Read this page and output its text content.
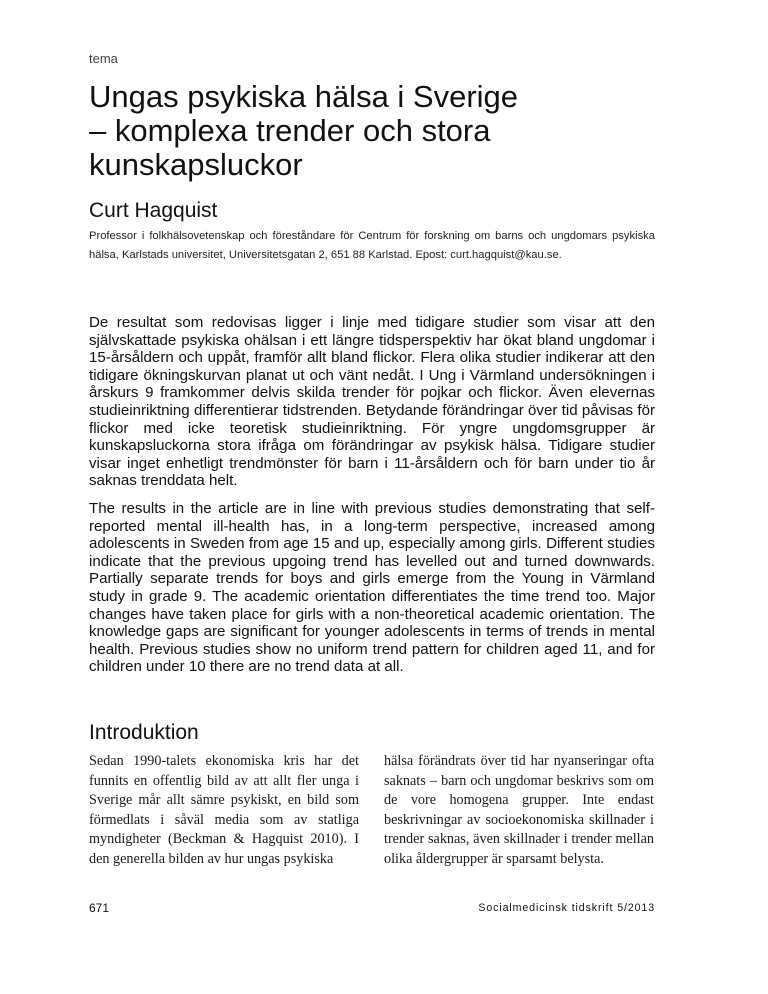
tema
Ungas psykiska hälsa i Sverige
– komplexa trender och stora
kunskapsluckor
Curt Hagquist
Professor i folkhälsovetenskap och föreståndare för Centrum för forskning om barns och ungdomars psykiska hälsa, Karlstads universitet, Universitetsgatan 2, 651 88 Karlstad. Epost: curt.hagquist@kau.se.

De resultat som redovisas ligger i linje med tidigare studier som visar att den självskattade psykiska ohälsan i ett längre tidsperspektiv har ökat bland ungdomar i 15-årsåldern och uppåt, framför allt bland flickor. Flera olika studier indikerar att den tidigare ökningskurvan planat ut och vänt nedåt. I Ung i Värmland undersökningen i årskurs 9 framkommer delvis skilda trender för pojkar och flickor. Även elevernas studieinriktning differentierar tidstrenden. Betydande förändringar över tid påvisas för flickor med icke teoretisk studieinriktning. För yngre ungdomsgrupper är kunskapsluckorna stora ifråga om förändringar av psykisk hälsa. Tidigare studier visar inget enhetligt trendmönster för barn i 11-årsåldern och för barn under tio år saknas trenddata helt.

The results in the article are in line with previous studies demonstrating that self-reported mental ill-health has, in a long-term perspective, increased among adolescents in Sweden from age 15 and up, especially among girls. Different studies indicate that the previous upgoing trend has levelled out and turned downwards. Partially separate trends for boys and girls emerge from the Young in Värmland study in grade 9. The academic orientation differentiates the time trend too. Major changes have taken place for girls with a non-theoretical academic orientation. The knowledge gaps are significant for younger adolescents in terms of trends in mental health. Previous studies show no uniform trend pattern for children aged 11, and for children under 10 there are no trend data at all.

Introduktion

Sedan 1990-talets ekonomiska kris har det funnits en offentlig bild av att allt fler unga i Sverige mår allt sämre psykiskt, en bild som förmedlats i såväl media som av statliga myndigheter (Beckman & Hagquist 2010). I den generella bilden av hur ungas psykiska

hälsa förändrats över tid har nyanseringar ofta saknats – barn och ungdomar beskrivs som om de vore homogena grupper. Inte endast beskrivningar av socioekonomiska skillnader i trender saknas, även skillnader i trender mellan olika åldergrupper är sparsamt belysta.

671	Socialmedicinsk tidskrift 5/2013
